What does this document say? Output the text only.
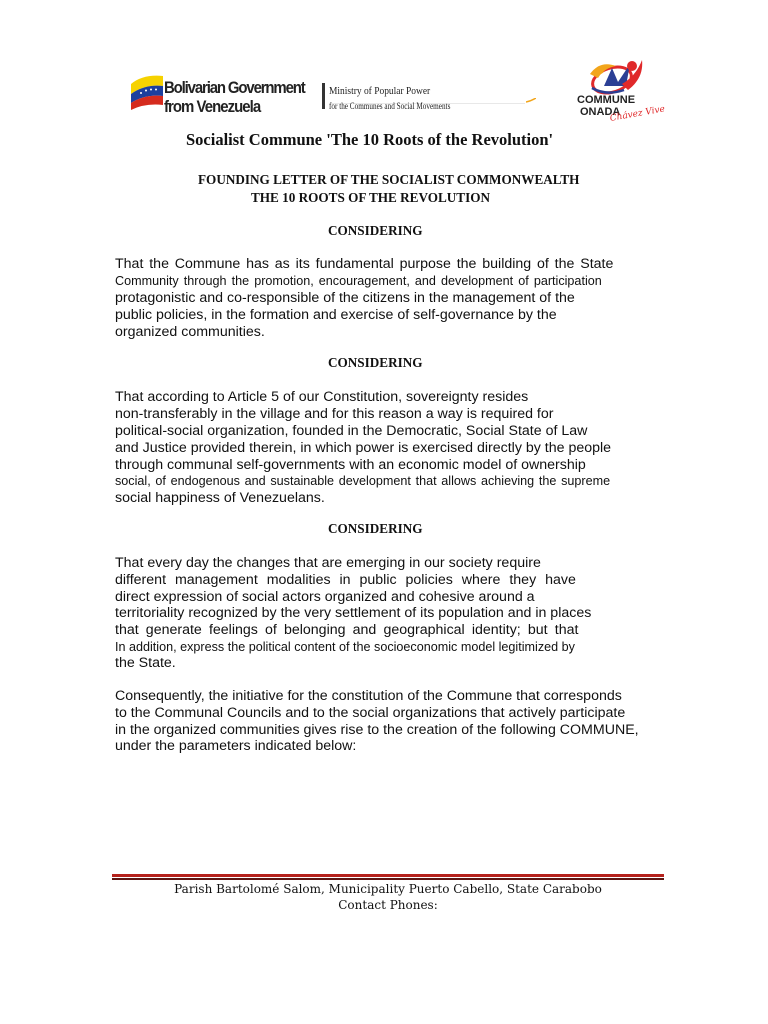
Bolivarian Government
from Venezuela
Ministry of Popular Power
for the Communes and Social Movements	COMMUNE
ONADA
Chávez Vive
Socialist Commune 'The 10 Roots of the Revolution'
FOUNDING LETTER OF THE SOCIALIST COMMONWEALTH
THE 10 ROOTS OF THE REVOLUTION
CONSIDERING
That the Commune has as its fundamental purpose the building of the State
Community through the promotion, encouragement, and development of participation
protagonistic and co-responsible of the citizens in the management of the
public policies, in the formation and exercise of self-governance by the
organized communities.
CONSIDERING
That according to Article 5 of our Constitution, sovereignty resides
non-transferably in the village and for this reason a way is required for
political-social organization, founded in the Democratic, Social State of Law
and Justice provided therein, in which power is exercised directly by the people
through communal self-governments with an economic model of ownership
social, of endogenous and sustainable development that allows achieving the supreme
social happiness of Venezuelans.
CONSIDERING
That every day the changes that are emerging in our society require
different management modalities in public policies where they have
direct expression of social actors organized and cohesive around a
territoriality recognized by the very settlement of its population and in places
that generate feelings of belonging and geographical identity; but that
In addition, express the political content of the socioeconomic model legitimized by
the State.
Consequently, the initiative for the constitution of the Commune that corresponds
to the Communal Councils and to the social organizations that actively participate
in the organized communities gives rise to the creation of the following COMMUNE,
under the parameters indicated below:
Parish Bartolomé Salom, Municipality Puerto Cabello, State Carabobo
Contact Phones:
